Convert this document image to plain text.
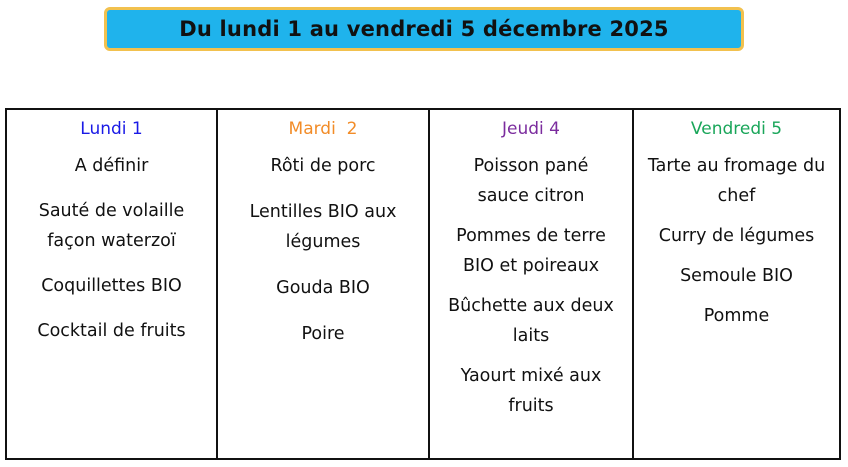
Du lundi 1 au vendredi 5 décembre 2025
Lundi 1
A définir
Sauté de volaille façon waterzoï
Coquillettes BIO
Cocktail de fruits
Mardi  2
Rôti de porc
Lentilles BIO aux légumes
Gouda BIO
Poire
Jeudi 4
Poisson pané sauce citron
Pommes de terre BIO et poireaux
Bûchette aux deux laits
Yaourt mixé aux fruits
Vendredi 5
Tarte au fromage du chef
Curry de légumes
Semoule BIO
Pomme
